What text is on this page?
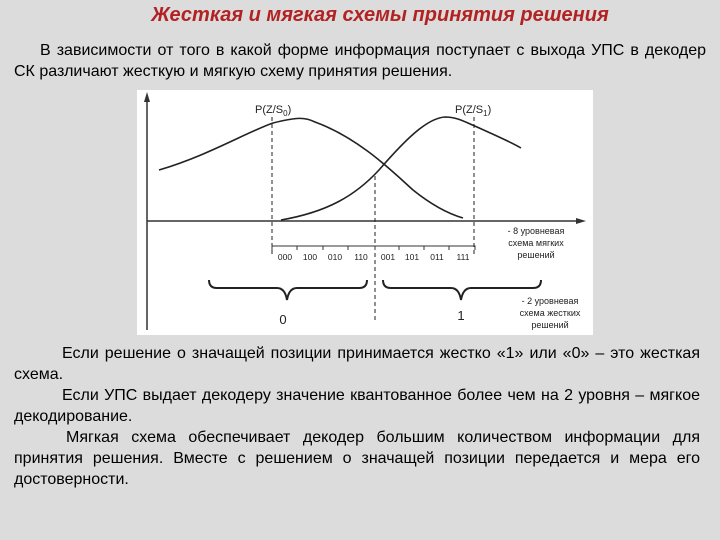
Жесткая и мягкая схемы принятия решения

В зависимости от того в какой форме информация поступает с выхода УПС в декодер СК различают жесткую и мягкую схему принятия решения.

$P(Z/S_0)$	$P(Z/S_1)$
000 100 010 110 001 101 011 111
- 8 уровневая
схема мягких
решений
0	1
- 2 уровневая
схема жестких
решений

Если решение о значащей позиции принимается жестко «1» или «0» – это жесткая схема.

Если УПС выдает декодеру значение квантованное более чем на 2 уровня – мягкое декодирование.

Мягкая схема обеспечивает декодер большим количеством информации для принятия решения. Вместе с решением о значащей позиции передается и мера его достоверности.
